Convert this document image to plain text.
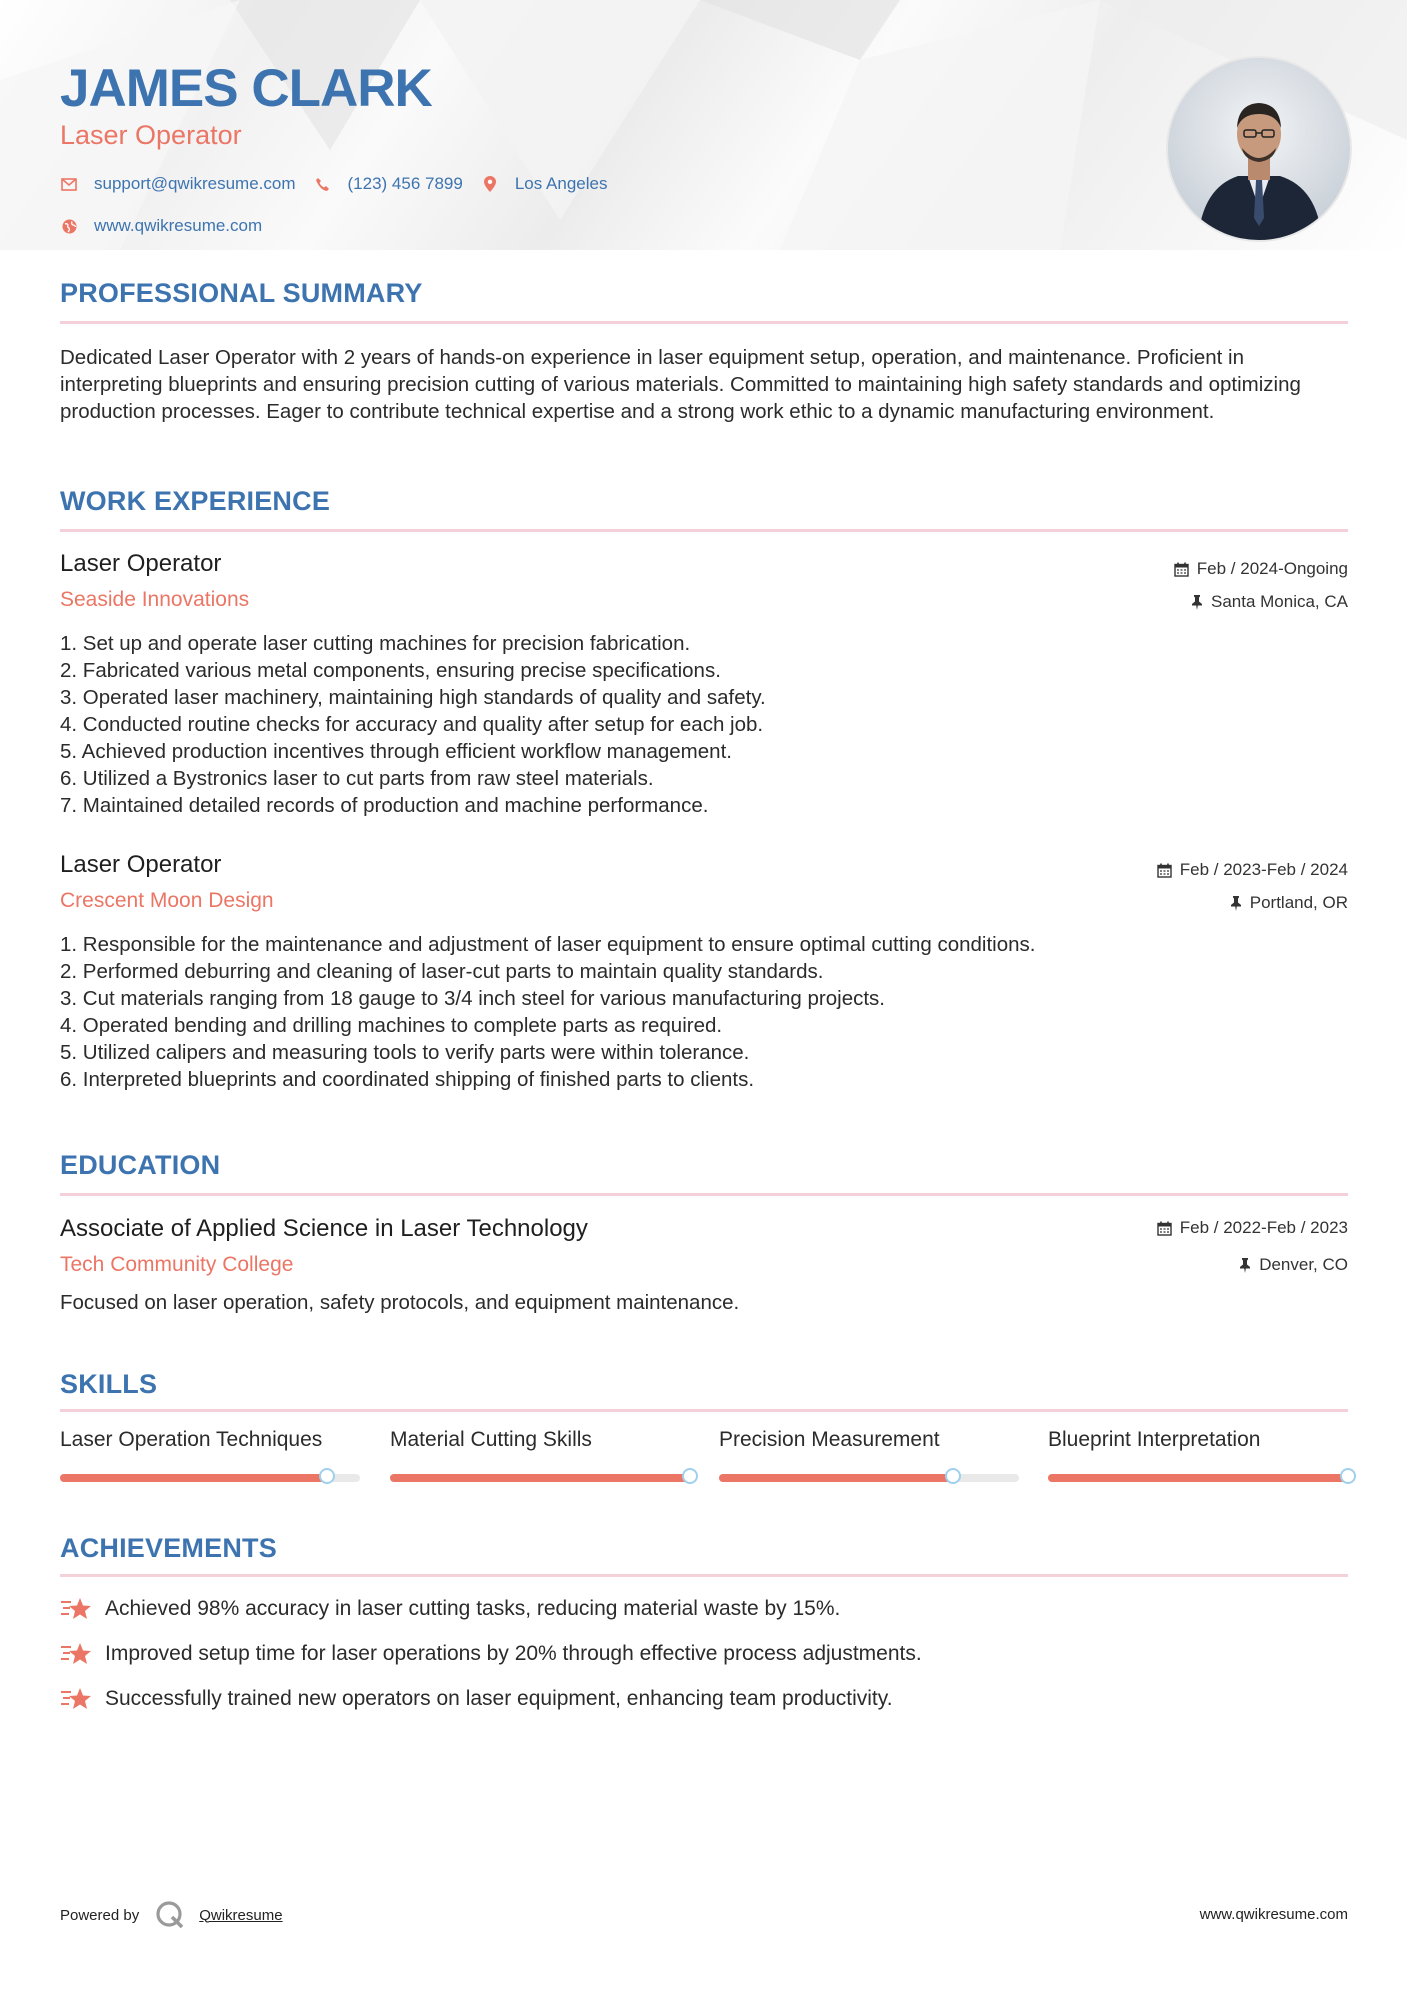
JAMES CLARK
Laser Operator
support@qwikresume.com	(123) 456 7899	Los Angeles
www.qwikresume.com
PROFESSIONAL SUMMARY

Dedicated Laser Operator with 2 years of hands-on experience in laser equipment setup, operation, and maintenance. Proficient in interpreting blueprints and ensuring precision cutting of various materials. Committed to maintaining high safety standards and optimizing production processes. Eager to contribute technical expertise and a strong work ethic to a dynamic manufacturing environment.

WORK EXPERIENCE
Laser Operator
Seaside Innovations
Feb / 2024-Ongoing
Santa Monica, CA
1. Set up and operate laser cutting machines for precision fabrication.
2. Fabricated various metal components, ensuring precise specifications.
3. Operated laser machinery, maintaining high standards of quality and safety.
4. Conducted routine checks for accuracy and quality after setup for each job.
5. Achieved production incentives through efficient workflow management.
6. Utilized a Bystronics laser to cut parts from raw steel materials.
7. Maintained detailed records of production and machine performance.
Laser Operator
Crescent Moon Design
Feb / 2023-Feb / 2024
Portland, OR
1. Responsible for the maintenance and adjustment of laser equipment to ensure optimal cutting conditions.
2. Performed deburring and cleaning of laser-cut parts to maintain quality standards.
3. Cut materials ranging from 18 gauge to 3/4 inch steel for various manufacturing projects.
4. Operated bending and drilling machines to complete parts as required.
5. Utilized calipers and measuring tools to verify parts were within tolerance.
6. Interpreted blueprints and coordinated shipping of finished parts to clients.
EDUCATION
Associate of Applied Science in Laser Technology
Tech Community College
Feb / 2022-Feb / 2023
Denver, CO

Focused on laser operation, safety protocols, and equipment maintenance.

SKILLS
Laser Operation Techniques	Material Cutting Skills	Precision Measurement	Blueprint Interpretation
ACHIEVEMENTS
Achieved 98% accuracy in laser cutting tasks, reducing material waste by 15%.
Improved setup time for laser operations by 20% through effective process adjustments.
Successfully trained new operators on laser equipment, enhancing team productivity.
Powered by	Qwikresume	www.qwikresume.com
